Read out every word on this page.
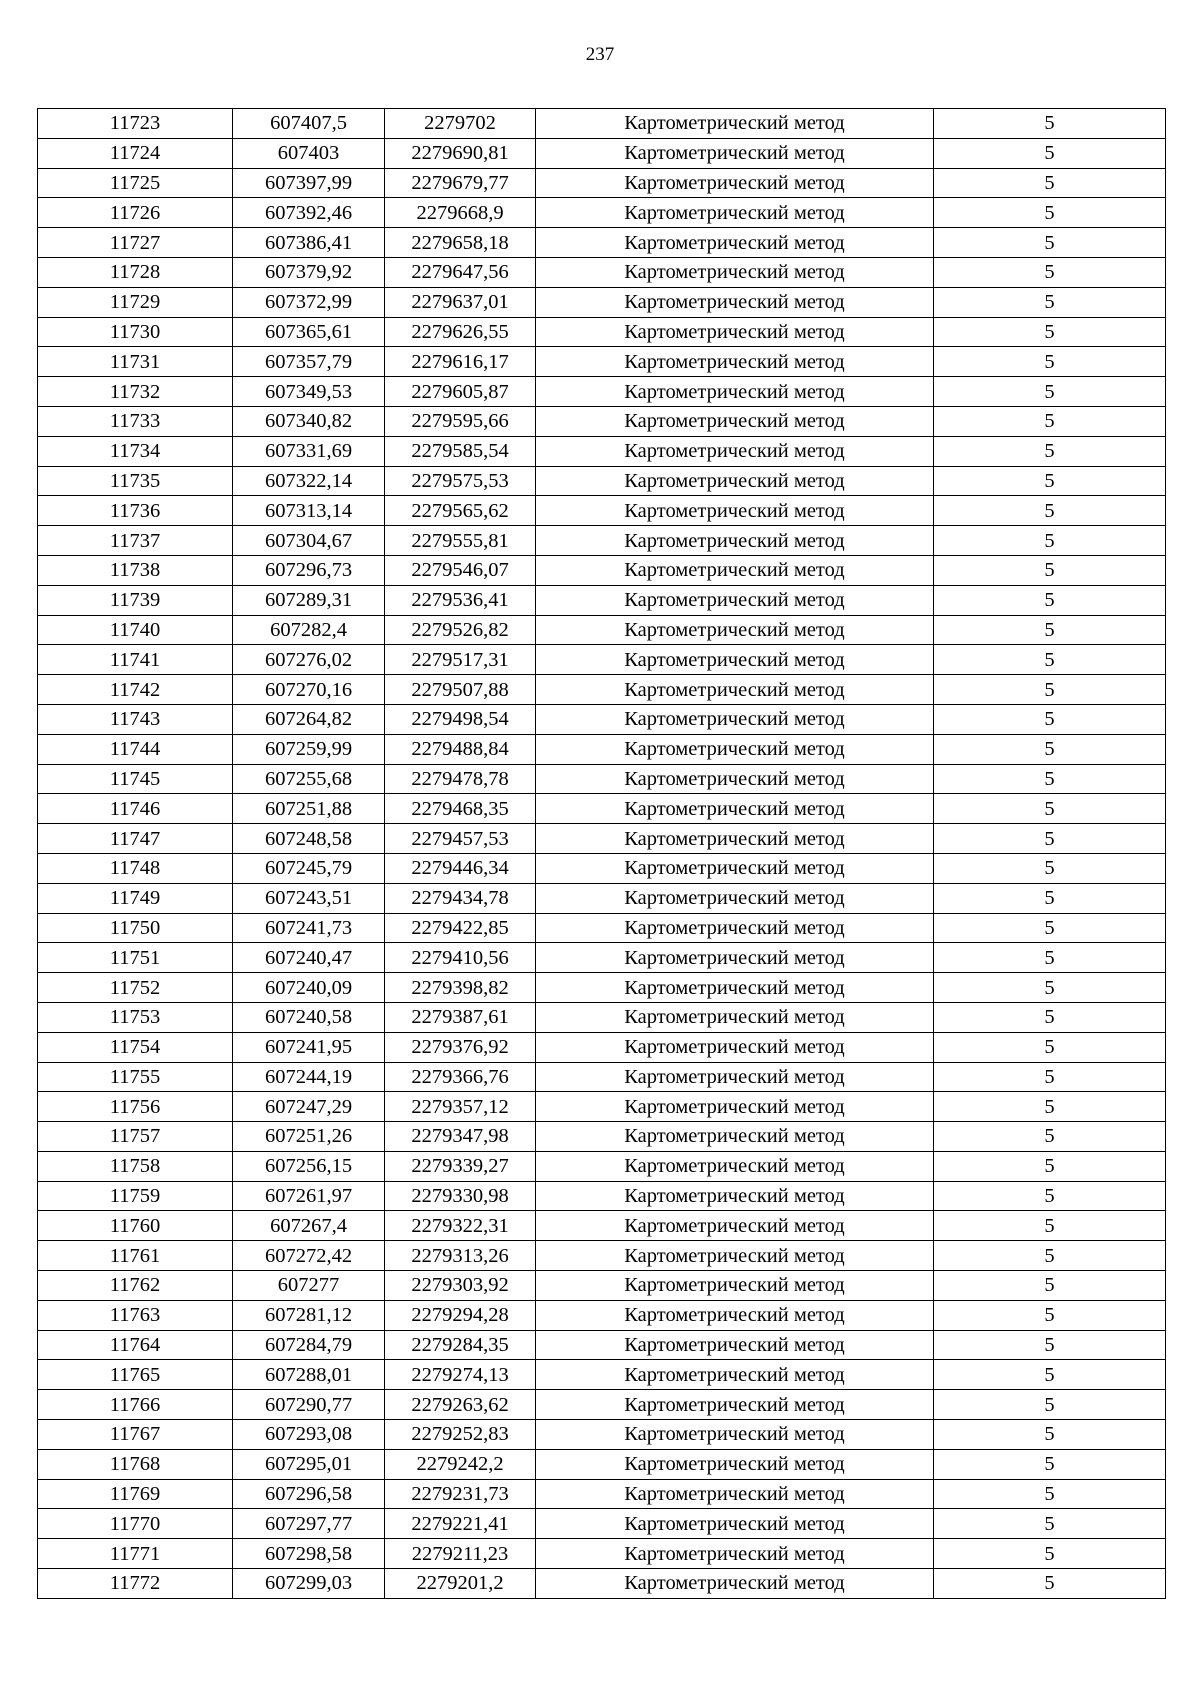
237
11723	607407,5	2279702	Картометрический метод	5
11724	607403	2279690,81	Картометрический метод	5
11725	607397,99	2279679,77	Картометрический метод	5
11726	607392,46	2279668,9	Картометрический метод	5
11727	607386,41	2279658,18	Картометрический метод	5
11728	607379,92	2279647,56	Картометрический метод	5
11729	607372,99	2279637,01	Картометрический метод	5
11730	607365,61	2279626,55	Картометрический метод	5
11731	607357,79	2279616,17	Картометрический метод	5
11732	607349,53	2279605,87	Картометрический метод	5
11733	607340,82	2279595,66	Картометрический метод	5
11734	607331,69	2279585,54	Картометрический метод	5
11735	607322,14	2279575,53	Картометрический метод	5
11736	607313,14	2279565,62	Картометрический метод	5
11737	607304,67	2279555,81	Картометрический метод	5
11738	607296,73	2279546,07	Картометрический метод	5
11739	607289,31	2279536,41	Картометрический метод	5
11740	607282,4	2279526,82	Картометрический метод	5
11741	607276,02	2279517,31	Картометрический метод	5
11742	607270,16	2279507,88	Картометрический метод	5
11743	607264,82	2279498,54	Картометрический метод	5
11744	607259,99	2279488,84	Картометрический метод	5
11745	607255,68	2279478,78	Картометрический метод	5
11746	607251,88	2279468,35	Картометрический метод	5
11747	607248,58	2279457,53	Картометрический метод	5
11748	607245,79	2279446,34	Картометрический метод	5
11749	607243,51	2279434,78	Картометрический метод	5
11750	607241,73	2279422,85	Картометрический метод	5
11751	607240,47	2279410,56	Картометрический метод	5
11752	607240,09	2279398,82	Картометрический метод	5
11753	607240,58	2279387,61	Картометрический метод	5
11754	607241,95	2279376,92	Картометрический метод	5
11755	607244,19	2279366,76	Картометрический метод	5
11756	607247,29	2279357,12	Картометрический метод	5
11757	607251,26	2279347,98	Картометрический метод	5
11758	607256,15	2279339,27	Картометрический метод	5
11759	607261,97	2279330,98	Картометрический метод	5
11760	607267,4	2279322,31	Картометрический метод	5
11761	607272,42	2279313,26	Картометрический метод	5
11762	607277	2279303,92	Картометрический метод	5
11763	607281,12	2279294,28	Картометрический метод	5
11764	607284,79	2279284,35	Картометрический метод	5
11765	607288,01	2279274,13	Картометрический метод	5
11766	607290,77	2279263,62	Картометрический метод	5
11767	607293,08	2279252,83	Картометрический метод	5
11768	607295,01	2279242,2	Картометрический метод	5
11769	607296,58	2279231,73	Картометрический метод	5
11770	607297,77	2279221,41	Картометрический метод	5
11771	607298,58	2279211,23	Картометрический метод	5
11772	607299,03	2279201,2	Картометрический метод	5
